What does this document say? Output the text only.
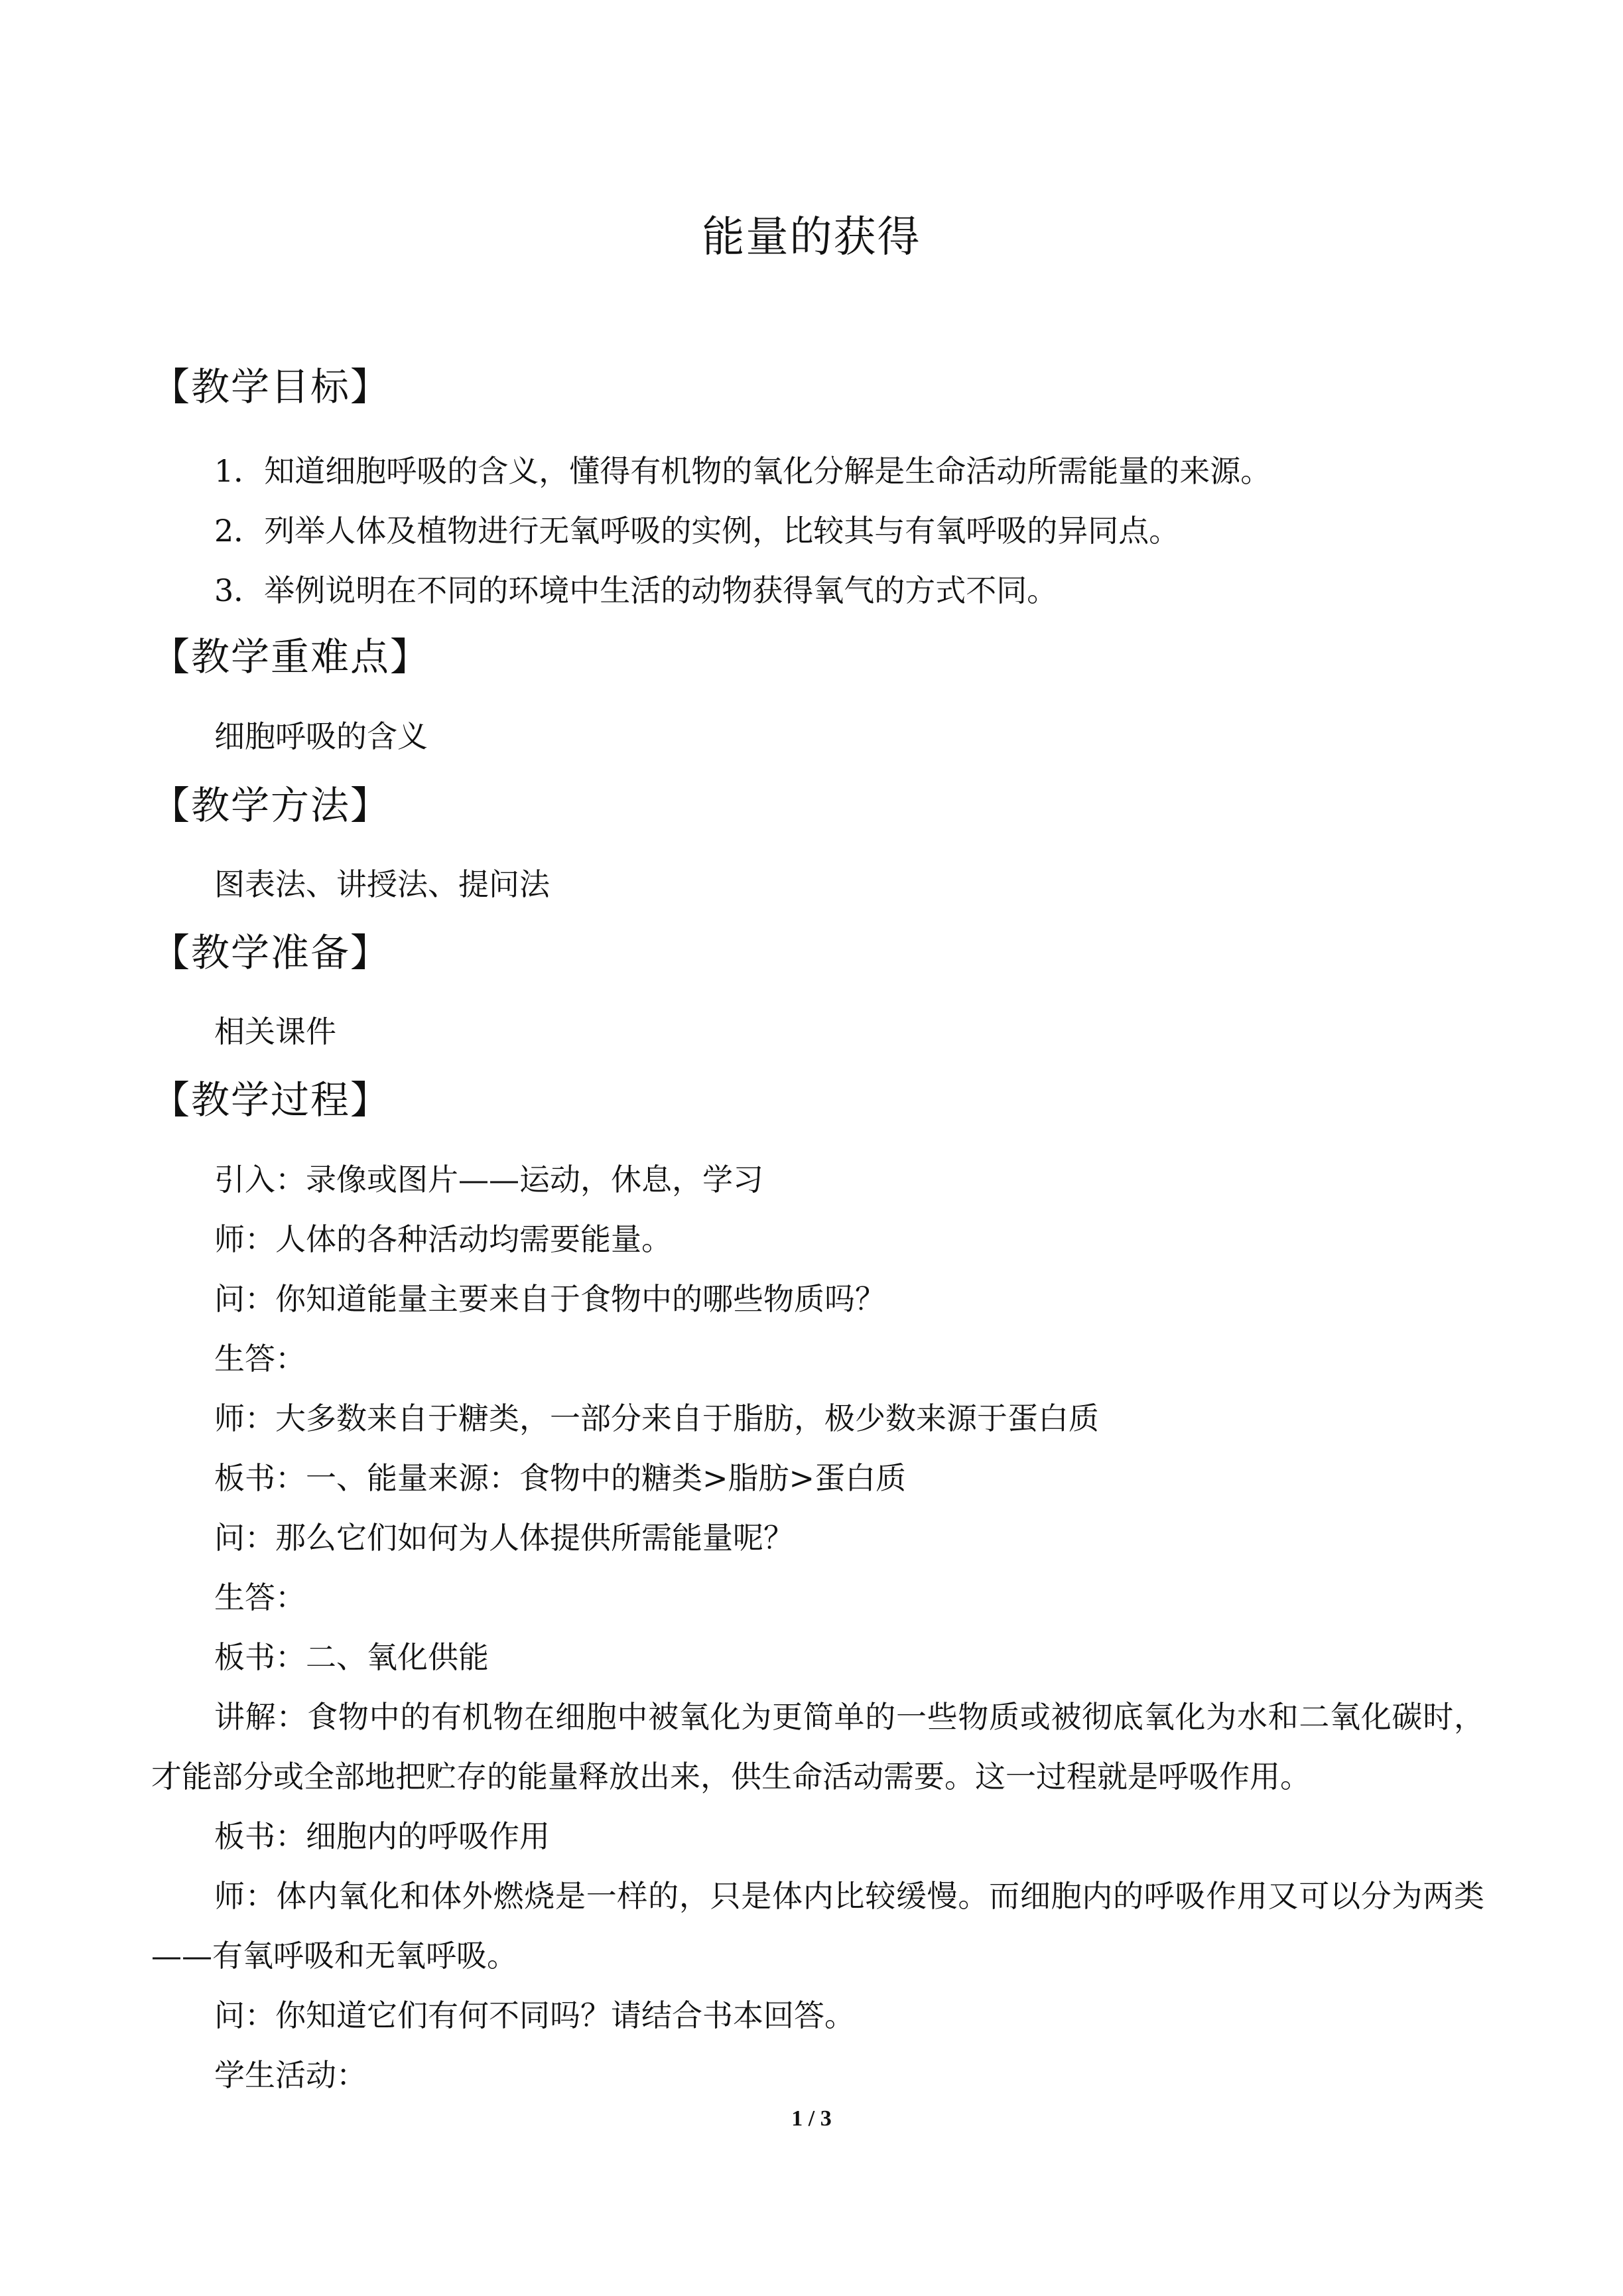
能量的获得
【教学目标】
1．知道细胞呼吸的含义，懂得有机物的氧化分解是生命活动所需能量的来源。
2．列举人体及植物进行无氧呼吸的实例，比较其与有氧呼吸的异同点。
3．举例说明在不同的环境中生活的动物获得氧气的方式不同。
【教学重难点】
细胞呼吸的含义
【教学方法】
图表法、讲授法、提问法
【教学准备】
相关课件
【教学过程】
引入：录像或图片——运动，休息，学习
师：人体的各种活动均需要能量。
问：你知道能量主要来自于食物中的哪些物质吗？
生答：
师：大多数来自于糖类，一部分来自于脂肪，极少数来源于蛋白质
板书：一、能量来源：食物中的糖类>脂肪>蛋白质
问：那么它们如何为人体提供所需能量呢？
生答：
板书：二、氧化供能
讲解：食物中的有机物在细胞中被氧化为更简单的一些物质或被彻底氧化为水和二氧化碳时，才能部分或全部地把贮存的能量释放出来，供生命活动需要。这一过程就是呼吸作用。
板书：细胞内的呼吸作用
师：体内氧化和体外燃烧是一样的，只是体内比较缓慢。而细胞内的呼吸作用又可以分为两类——有氧呼吸和无氧呼吸。
问：你知道它们有何不同吗？请结合书本回答。
学生活动：
1 / 3
